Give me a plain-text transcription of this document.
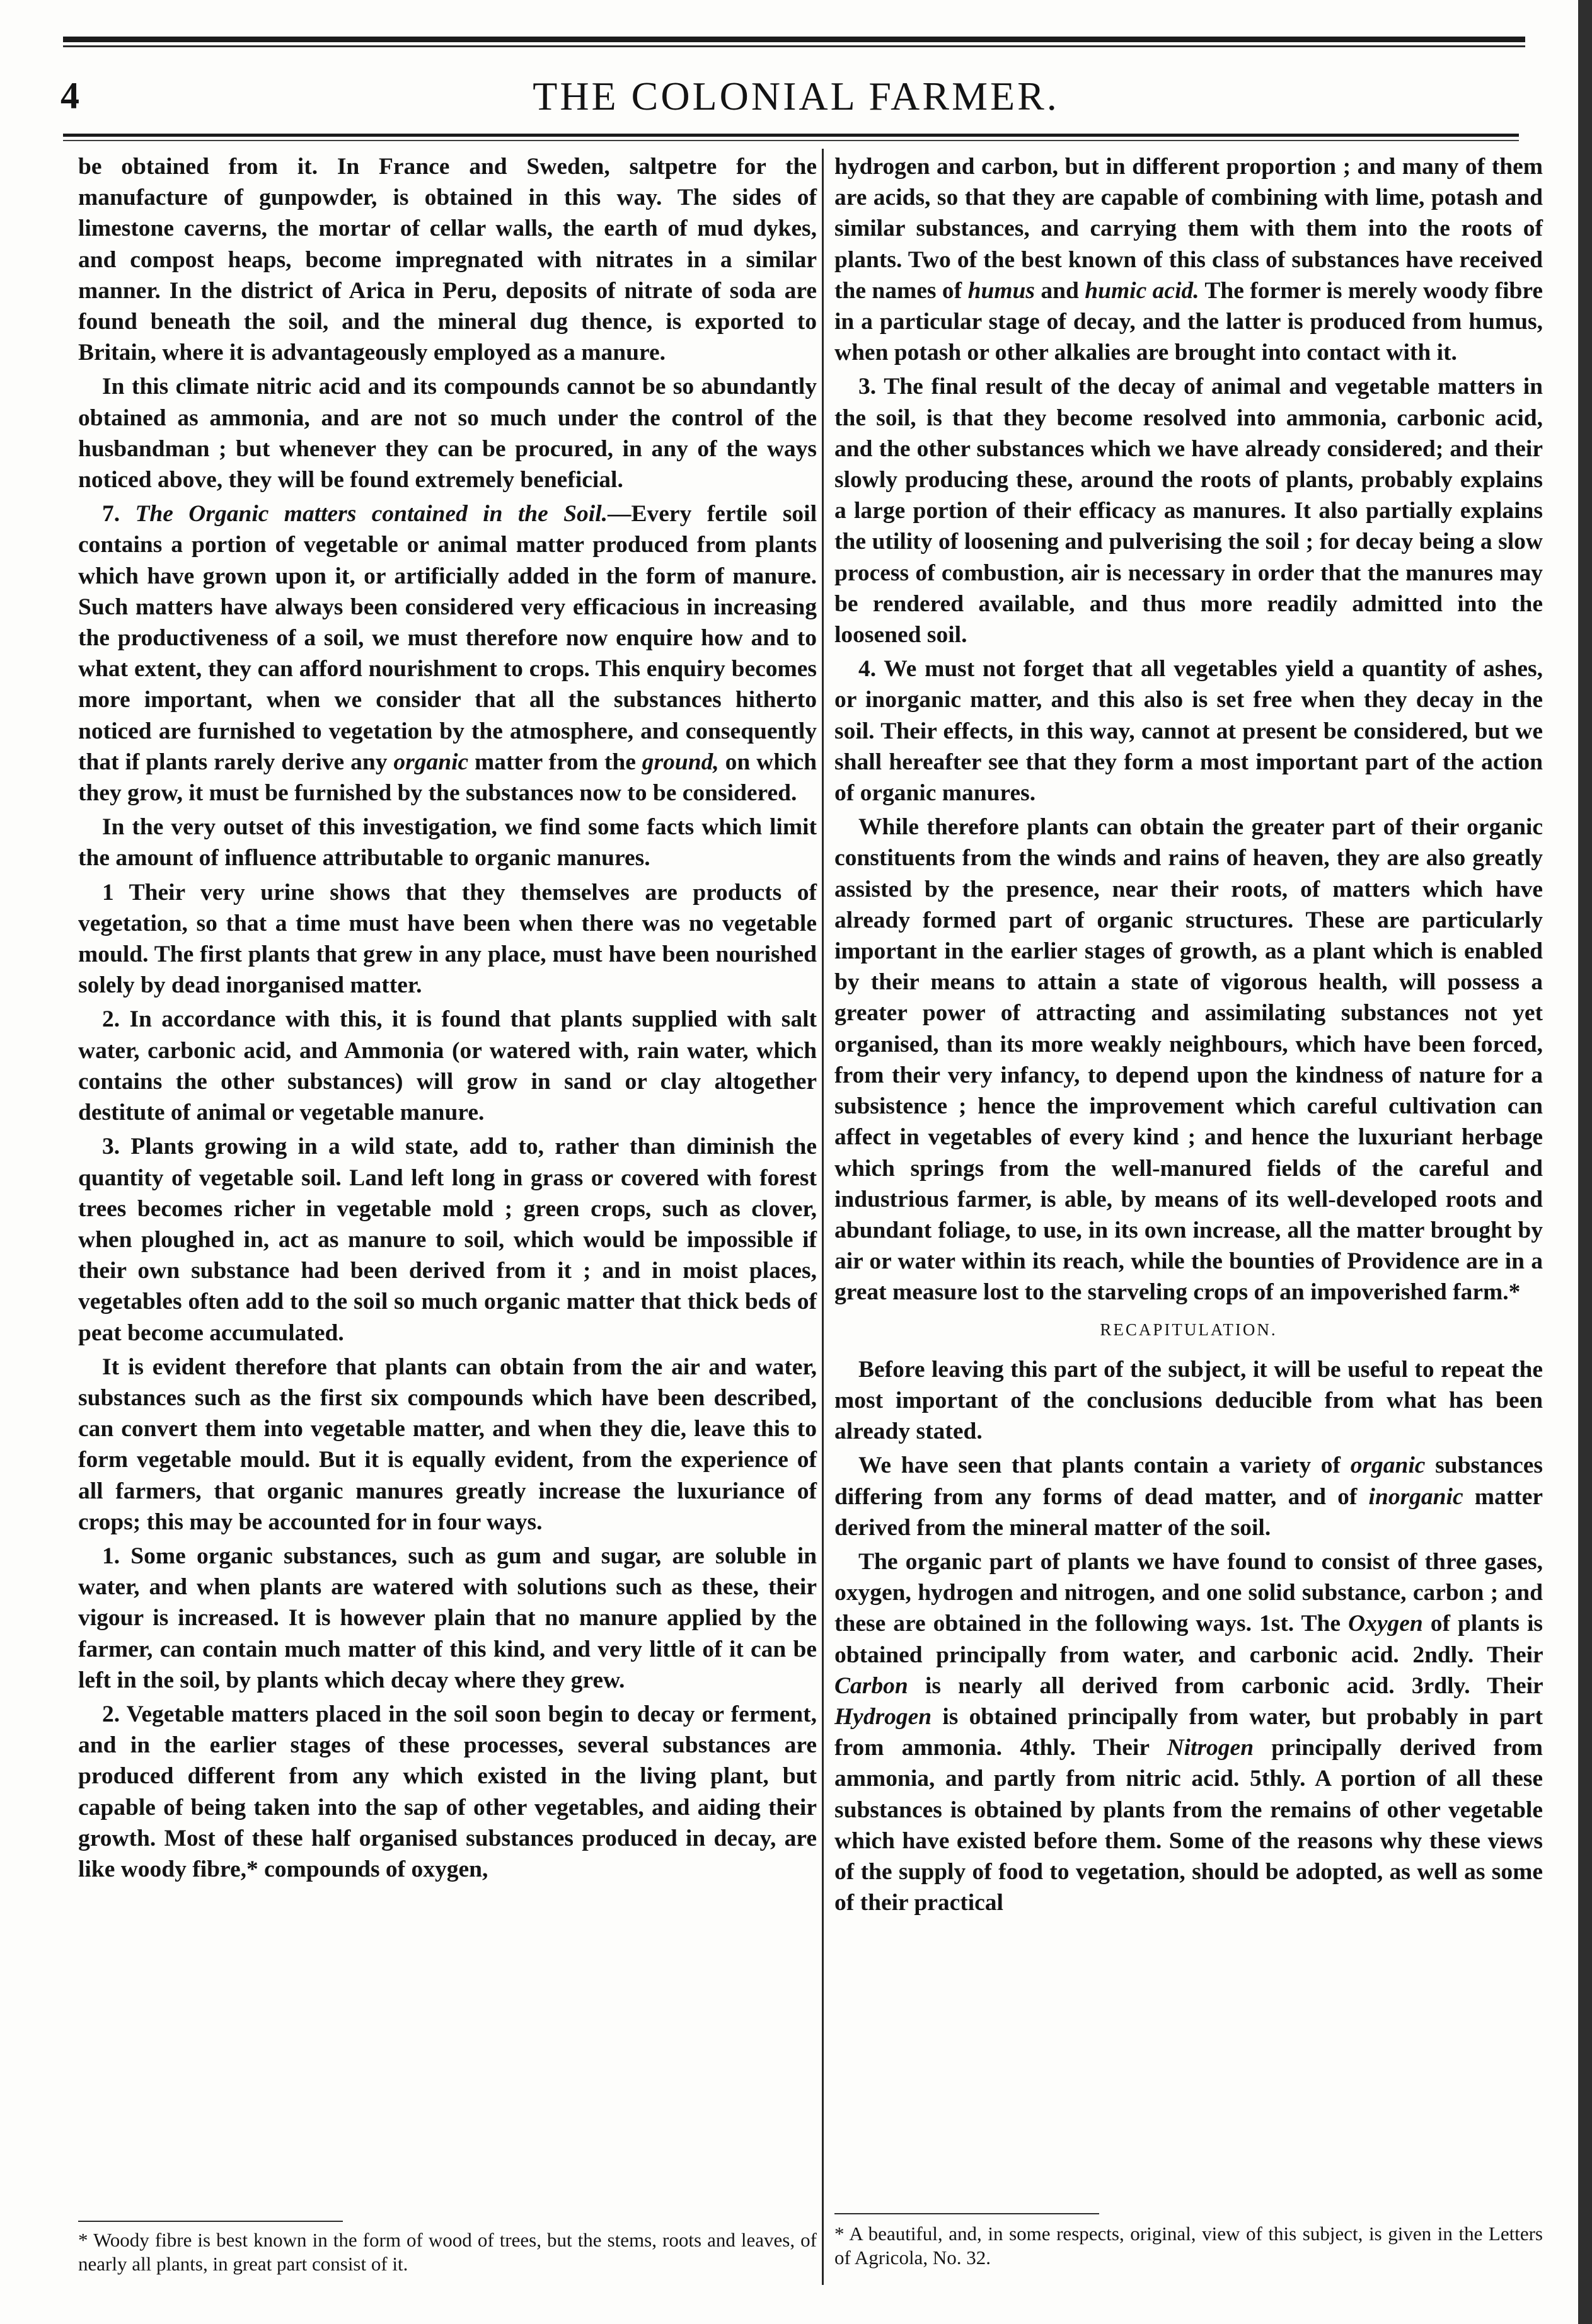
4	THE COLONIAL FARMER.

be obtained from it. In France and Sweden, saltpetre for the manufacture of gunpowder, is obtained in this way. The sides of limestone caverns, the mortar of cellar walls, the earth of mud dykes, and compost heaps, become impregnated with nitrates in a similar manner. In the district of Arica in Peru, deposits of nitrate of soda are found beneath the soil, and the mineral dug thence, is exported to Britain, where it is advantageously employed as a manure.

In this climate nitric acid and its compounds cannot be so abundantly obtained as ammonia, and are not so much under the control of the husbandman ; but whenever they can be procured, in any of the ways noticed above, they will be found extremely beneficial.

7. The Organic matters contained in the Soil.—Every fertile soil contains a portion of vegetable or animal matter produced from plants which have grown upon it, or artificially added in the form of manure. Such matters have always been considered very efficacious in increasing the productiveness of a soil, we must therefore now enquire how and to what extent, they can afford nourishment to crops. This enquiry becomes more important, when we consider that all the substances hitherto noticed are furnished to vegetation by the atmosphere, and consequently that if plants rarely derive any organic matter from the ground, on which they grow, it must be furnished by the substances now to be considered.

In the very outset of this investigation, we find some facts which limit the amount of influence attributable to organic manures.

1 Their very urine shows that they themselves are products of vegetation, so that a time must have been when there was no vegetable mould. The first plants that grew in any place, must have been nourished solely by dead inorganised matter.

2. In accordance with this, it is found that plants supplied with salt water, carbonic acid, and Ammonia (or watered with, rain water, which contains the other substances) will grow in sand or clay altogether destitute of animal or vegetable manure.

3. Plants growing in a wild state, add to, rather than diminish the quantity of vegetable soil. Land left long in grass or covered with forest trees becomes richer in vegetable mold ; green crops, such as clover, when ploughed in, act as manure to soil, which would be impossible if their own substance had been derived from it ; and in moist places, vegetables often add to the soil so much organic matter that thick beds of peat become accumulated.

It is evident therefore that plants can obtain from the air and water, substances such as the first six compounds which have been described, can convert them into vegetable matter, and when they die, leave this to form vegetable mould. But it is equally evident, from the experience of all farmers, that organic manures greatly increase the luxuriance of crops; this may be accounted for in four ways.

1. Some organic substances, such as gum and sugar, are soluble in water, and when plants are watered with solutions such as these, their vigour is increased. It is however plain that no manure applied by the farmer, can contain much matter of this kind, and very little of it can be left in the soil, by plants which decay where they grew.

2. Vegetable matters placed in the soil soon begin to decay or ferment, and in the earlier stages of these processes, several substances are produced different from any which existed in the living plant, but capable of being taken into the sap of other vegetables, and aiding their growth. Most of these half organised substances produced in decay, are like woody fibre,* compounds of oxygen,

* Woody fibre is best known in the form of wood of trees, but the stems, roots and leaves, of nearly all plants, in great part consist of it.

hydrogen and carbon, but in different proportion ; and many of them are acids, so that they are capable of combining with lime, potash and similar substances, and carrying them with them into the roots of plants. Two of the best known of this class of substances have received the names of humus and humic acid. The former is merely woody fibre in a particular stage of decay, and the latter is produced from humus, when potash or other alkalies are brought into contact with it.

3. The final result of the decay of animal and vegetable matters in the soil, is that they become resolved into ammonia, carbonic acid, and the other substances which we have already considered; and their slowly producing these, around the roots of plants, probably explains a large portion of their efficacy as manures. It also partially explains the utility of loosening and pulverising the soil ; for decay being a slow process of combustion, air is necessary in order that the manures may be rendered available, and thus more readily admitted into the loosened soil.

4. We must not forget that all vegetables yield a quantity of ashes, or inorganic matter, and this also is set free when they decay in the soil. Their effects, in this way, cannot at present be considered, but we shall hereafter see that they form a most important part of the action of organic manures.

While therefore plants can obtain the greater part of their organic constituents from the winds and rains of heaven, they are also greatly assisted by the presence, near their roots, of matters which have already formed part of organic structures. These are particularly important in the earlier stages of growth, as a plant which is enabled by their means to attain a state of vigorous health, will possess a greater power of attracting and assimilating substances not yet organised, than its more weakly neighbours, which have been forced, from their very infancy, to depend upon the kindness of nature for a subsistence ; hence the improvement which careful cultivation can affect in vegetables of every kind ; and hence the luxuriant herbage which springs from the well-manured fields of the careful and industrious farmer, is able, by means of its well-developed roots and abundant foliage, to use, in its own increase, all the matter brought by air or water within its reach, while the bounties of Providence are in a great measure lost to the starveling crops of an impoverished farm.*

RECAPITULATION.

Before leaving this part of the subject, it will be useful to repeat the most important of the conclusions deducible from what has been already stated.

We have seen that plants contain a variety of organic substances differing from any forms of dead matter, and of inorganic matter derived from the mineral matter of the soil.

The organic part of plants we have found to consist of three gases, oxygen, hydrogen and nitrogen, and one solid substance, carbon ; and these are obtained in the following ways. 1st. The Oxygen of plants is obtained principally from water, and carbonic acid. 2ndly. Their Carbon is nearly all derived from carbonic acid. 3rdly. Their Hydrogen is obtained principally from water, but probably in part from ammonia. 4thly. Their Nitrogen principally derived from ammonia, and partly from nitric acid. 5thly. A portion of all these substances is obtained by plants from the remains of other vegetable which have existed before them. Some of the reasons why these views of the supply of food to vegetation, should be adopted, as well as some of their practical

* A beautiful, and, in some respects, original, view of this subject, is given in the Letters of Agricola, No. 32.
